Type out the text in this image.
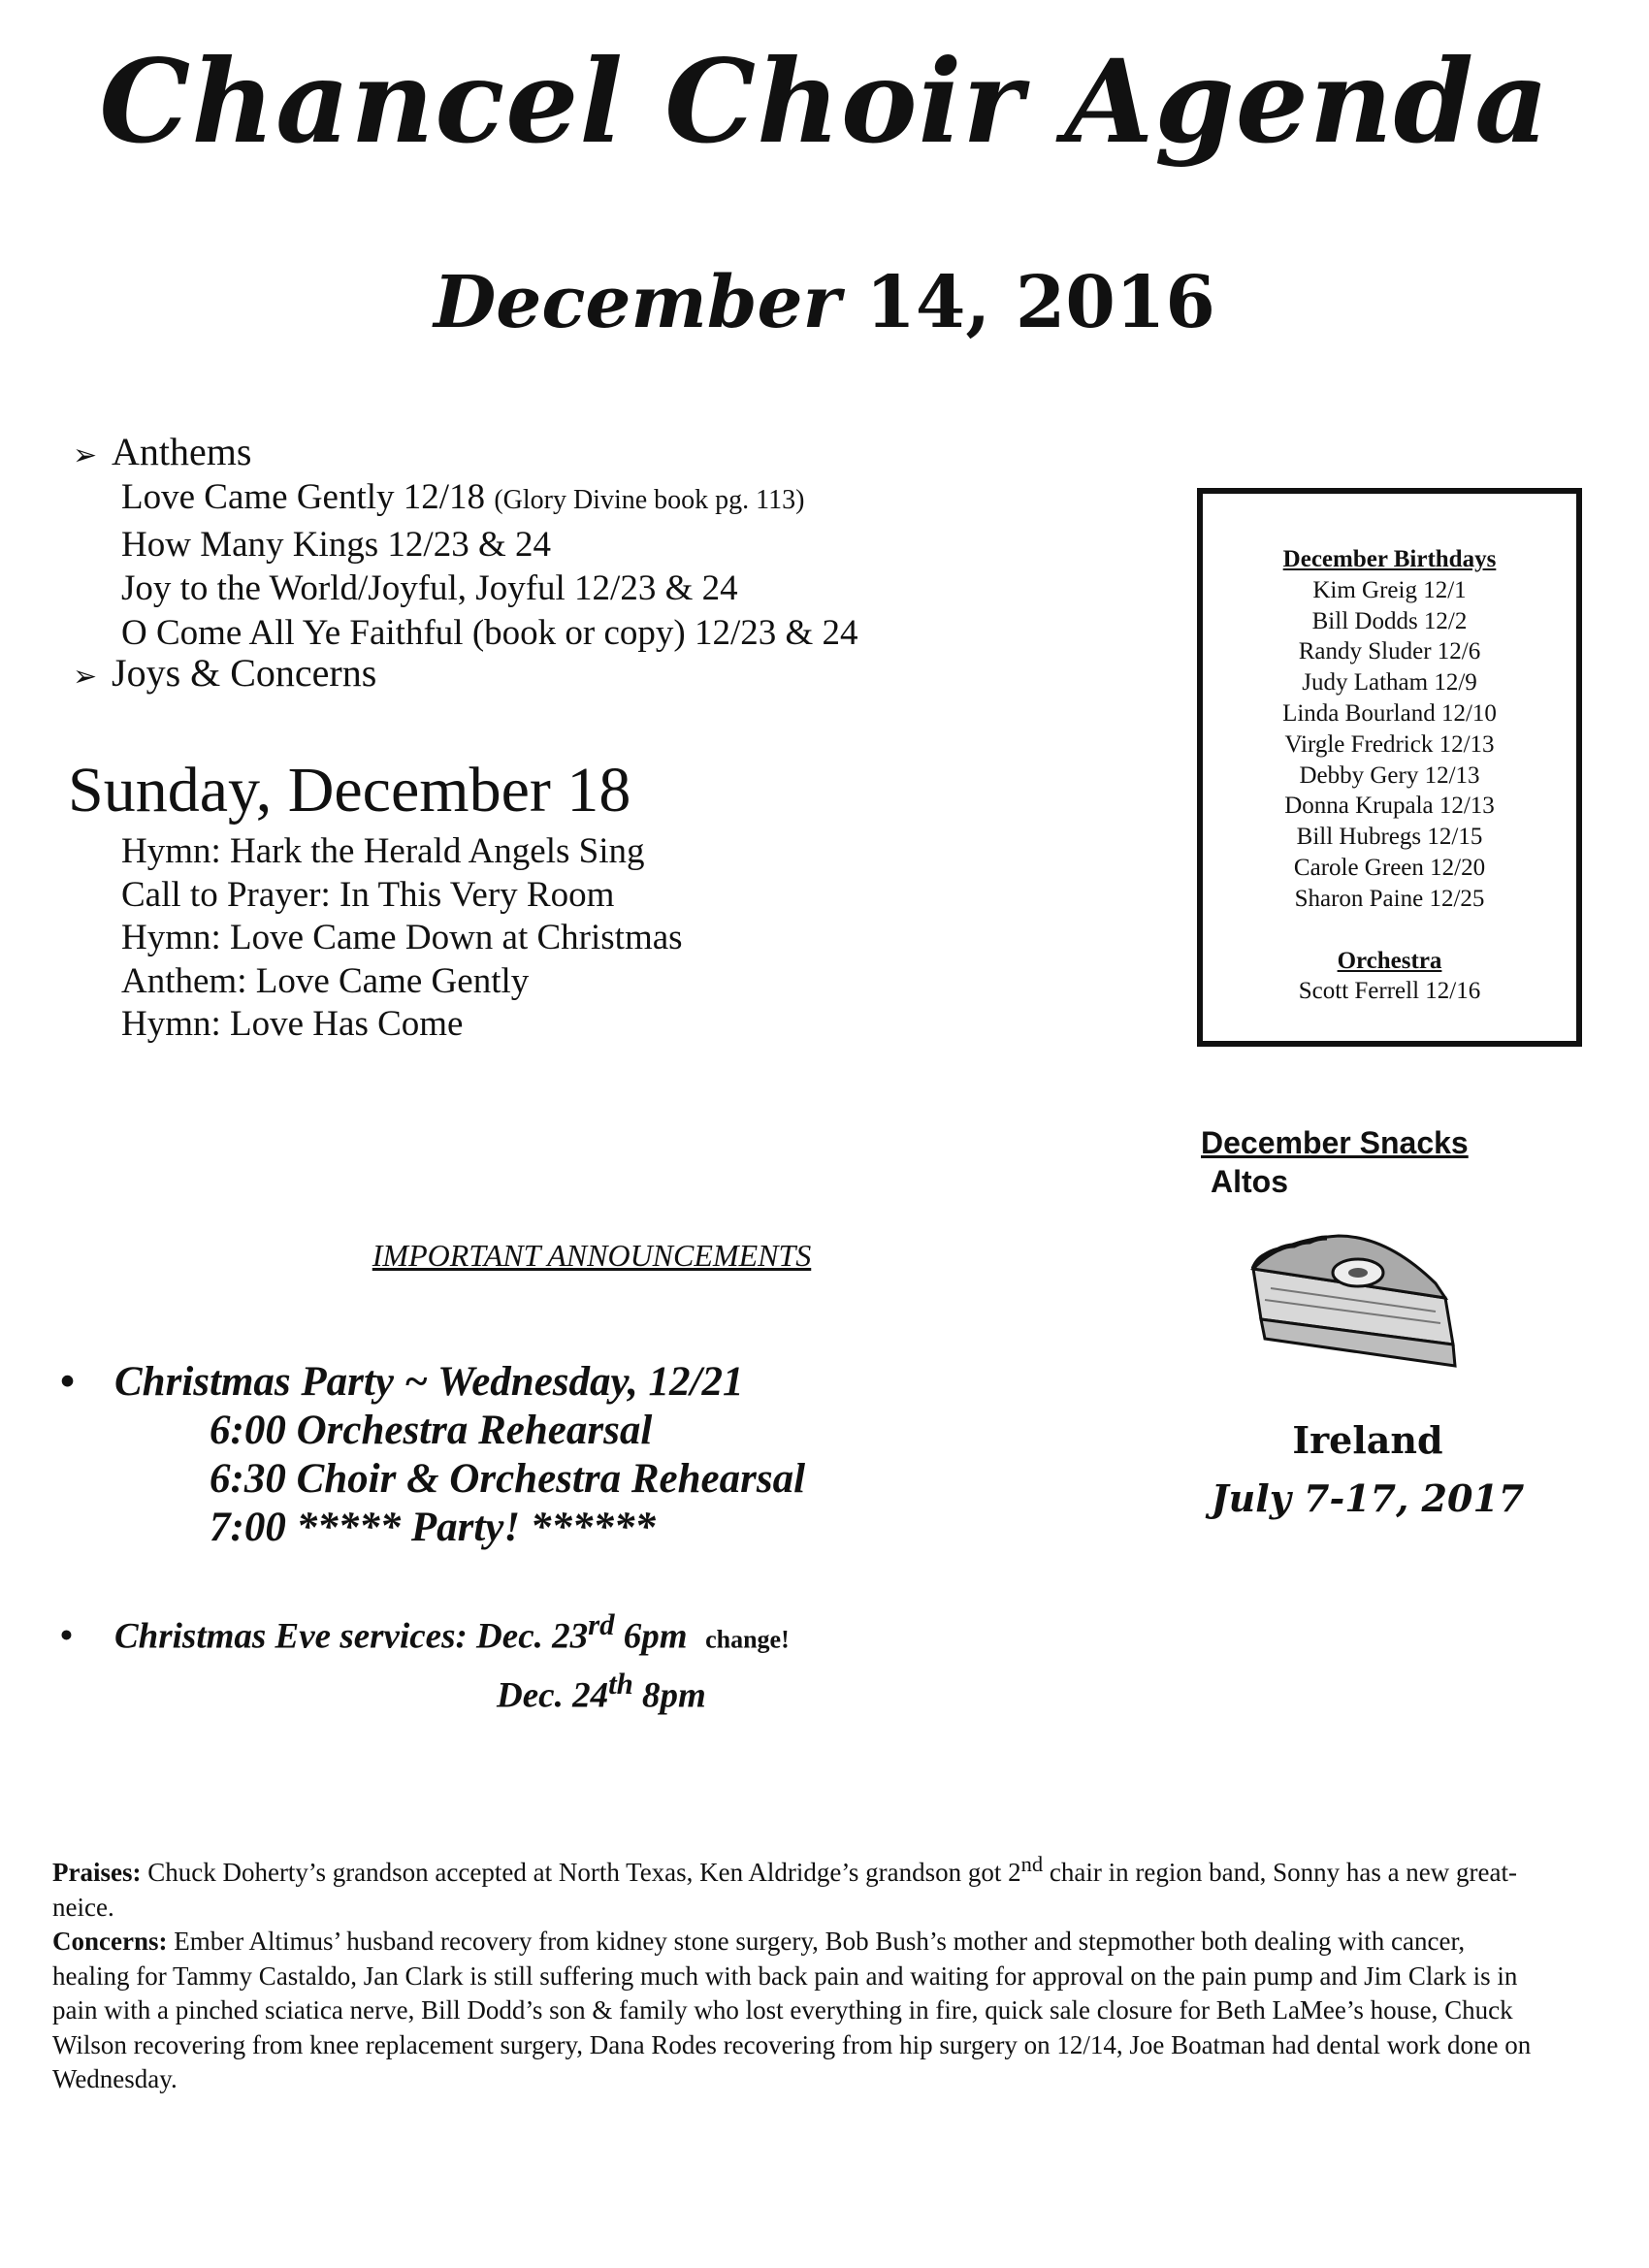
Chancel Choir Agenda
December 14, 2016
➢ Anthems
Love Came Gently 12/18 (Glory Divine book pg. 113)
How Many Kings 12/23 & 24
Joy to the World/Joyful, Joyful 12/23 & 24
O Come All Ye Faithful (book or copy) 12/23 & 24
➢ Joys & Concerns
Sunday, December 18
Hymn: Hark the Herald Angels Sing
Call to Prayer: In This Very Room
Hymn: Love Came Down at Christmas
Anthem: Love Came Gently
Hymn: Love Has Come
December Birthdays
Kim Greig 12/1
Bill Dodds 12/2
Randy Sluder 12/6
Judy Latham 12/9
Linda Bourland 12/10
Virgle Fredrick 12/13
Debby Gery 12/13
Donna Krupala 12/13
Bill Hubregs 12/15
Carole Green 12/20
Sharon Paine 12/25
Orchestra
Scott Ferrell 12/16
December Snacks
Altos
Ireland
July 7-17, 2017
IMPORTANT ANNOUNCEMENTS
• Christmas Party ~ Wednesday, 12/21
6:00 Orchestra Rehearsal
6:30 Choir & Orchestra Rehearsal
7:00 ***** Party! ******
• Christmas Eve services: Dec. 23rd 6pm change!
Dec. 24th 8pm
Praises: Chuck Doherty’s grandson accepted at North Texas, Ken Aldridge’s grandson got 2nd chair in region band, Sonny has a new great-neice.
Concerns: Ember Altimus’ husband recovery from kidney stone surgery, Bob Bush’s mother and stepmother both dealing with cancer, healing for Tammy Castaldo, Jan Clark is still suffering much with back pain and waiting for approval on the pain pump and Jim Clark is in pain with a pinched sciatica nerve, Bill Dodd’s son & family who lost everything in fire, quick sale closure for Beth LaMee’s house, Chuck Wilson recovering from knee replacement surgery, Dana Rodes recovering from hip surgery on 12/14, Joe Boatman had dental work done on Wednesday.
